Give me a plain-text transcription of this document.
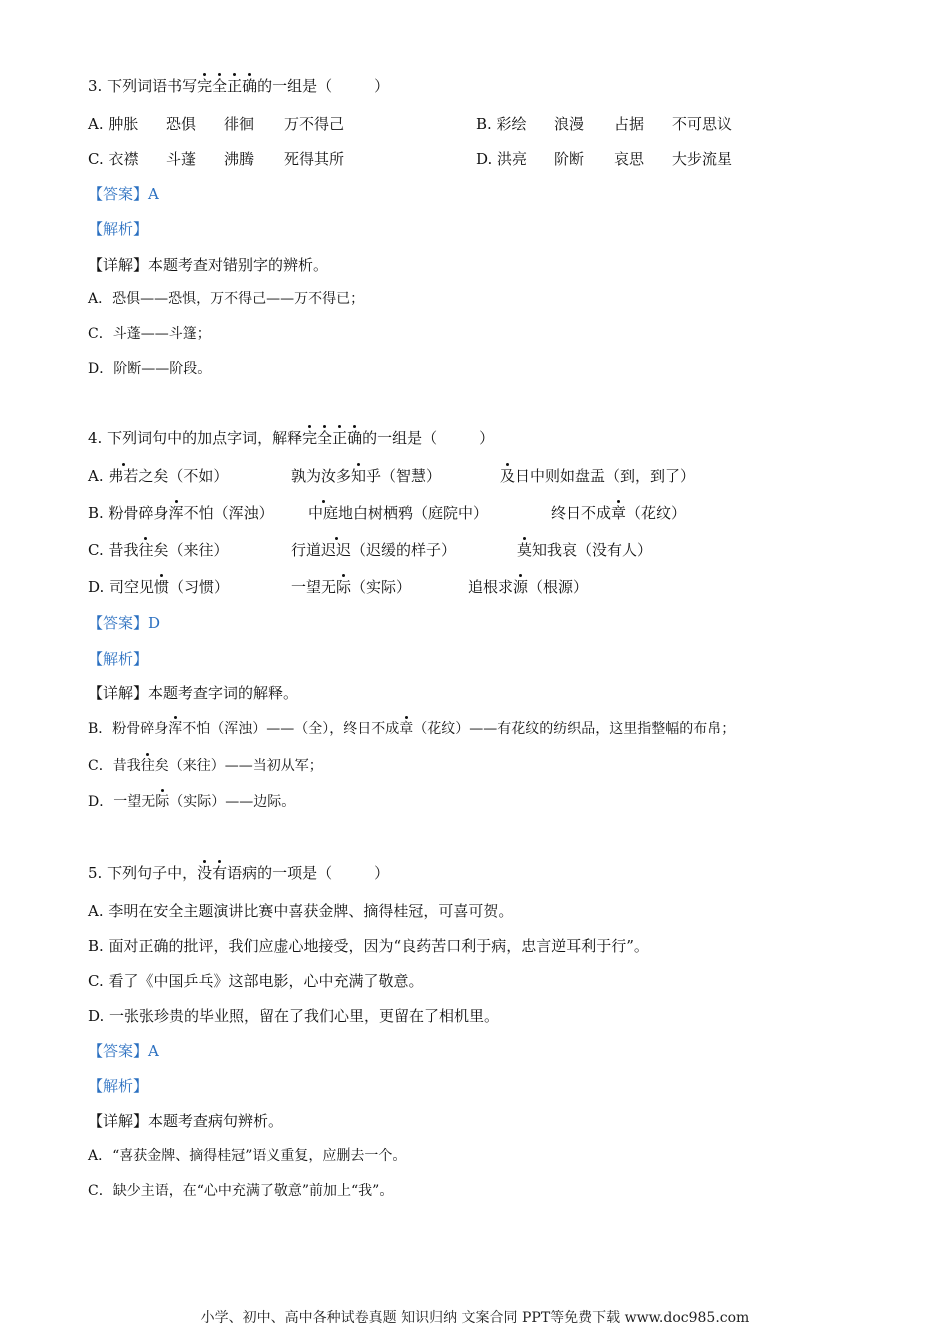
3. 下列词语书写完全正确的一组是（	）
A. 肿胀 恐俱 徘徊 万不得己	B. 彩绘 浪漫 占据 不可思议
C. 衣襟 斗蓬 沸腾 死得其所	D. 洪亮 阶断 哀思 大步流星
【答案】A
【解析】
【详解】本题考查对错别字的辨析。
A．恐俱——恐惧，万不得己——万不得已；
C．斗蓬——斗篷；
D．阶断——阶段。
4. 下列词句中的加点字词，解释完全正确的一组是（	）
A. 弗若之矣（不如）	孰为汝多知乎（智慧）	及日中则如盘盂（到，到了）
B. 粉骨碎身浑不怕（浑浊） 中庭地白树栖鸦（庭院中）	终日不成章（花纹）
C. 昔我往矣（来往）	行道迟迟（迟缓的样子）	莫知我哀（没有人）
D. 司空见惯（习惯）	一望无际（实际）	追根求源（根源）
【答案】D
【解析】
【详解】本题考查字词的解释。
B．粉骨碎身浑不怕（浑浊）——（全），终日不成章（花纹）——有花纹的纺织品，这里指整幅的布帛；
C．昔我往矣（来往）——当初从军；
D．一望无际（实际）——边际。
5. 下列句子中，没有语病的一项是（	）
A. 李明在安全主题演讲比赛中喜获金牌、摘得桂冠，可喜可贺。
B. 面对正确的批评，我们应虚心地接受，因为“良药苦口利于病，忠言逆耳利于行”。
C. 看了《中国乒乓》这部电影，心中充满了敬意。
D. 一张张珍贵的毕业照，留在了我们心里，更留在了相机里。
【答案】A
【解析】
【详解】本题考查病句辨析。
A．“喜获金牌、摘得桂冠”语义重复，应删去一个。
C．缺少主语，在“心中充满了敬意”前加上“我”。
小学、初中、高中各种试卷真题 知识归纳 文案合同 PPT等免费下载 www.doc985.com
